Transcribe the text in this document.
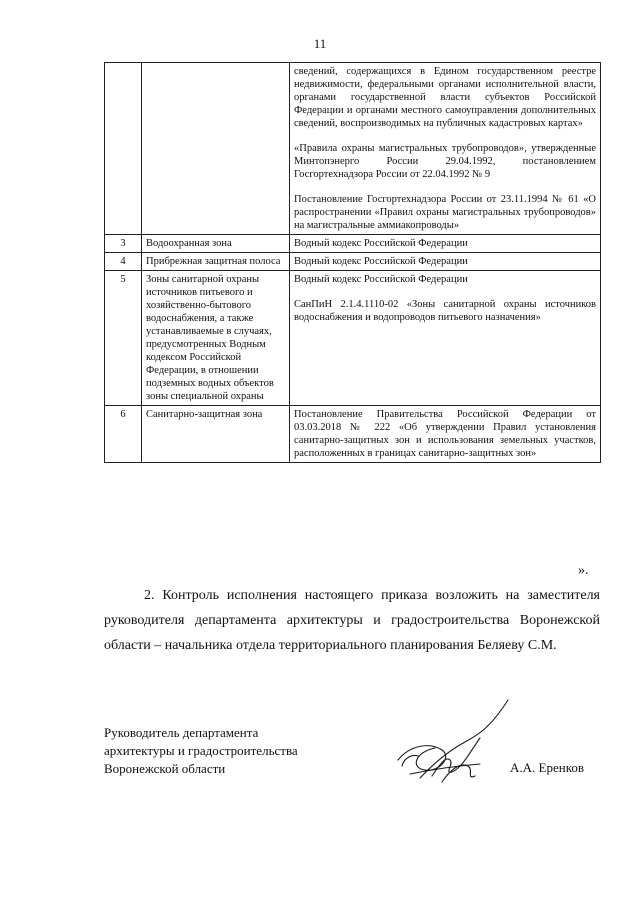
11

		сведений, содержащихся в Едином государственном реестре недвижимости, федеральными органами исполнительной власти, органами государственной власти субъектов Российской Федерации и органами местного самоуправления дополнительных сведений, воспроизводимых на публичных кадастровых картах»

«Правила охраны магистральных трубопроводов», утвержденные Минтопэнерго России 29.04.1992, постановлением Госгортехнадзора России от 22.04.1992 № 9

Постановление Госгортехнадзора России от 23.11.1994 № 61 «О распространении «Правил охраны магистральных трубопроводов» на магистральные аммиакопроводы»

3	Водоохранная зона	Водный кодекс Российской Федерации

4	Прибрежная защитная полоса	Водный кодекс Российской Федерации

5	Зоны санитарной охраны источников питьевого и хозяйственно-бытового водоснабжения, а также устанавливаемые в случаях, предусмотренных Водным кодексом Российской Федерации, в отношении подземных водных объектов зоны специальной охраны	Водный кодекс Российской Федерации

СанПиН 2.1.4.1110-02 «Зоны санитарной охраны источников водоснабжения и водопроводов питьевого назначения»

6	Санитарно-защитная зона	Постановление Правительства Российской Федерации от 03.03.2018 № 222 «Об утверждении Правил установления санитарно-защитных зон и использования земельных участков, расположенных в границах санитарно-защитных зон»

».

2. Контроль исполнения настоящего приказа возложить на заместителя руководителя департамента архитектуры и градостроительства Воронежской области – начальника отдела территориального планирования Беляеву С.М.

Руководитель департамента
архитектуры и градостроительства
Воронежской области	А.А. Еренков
